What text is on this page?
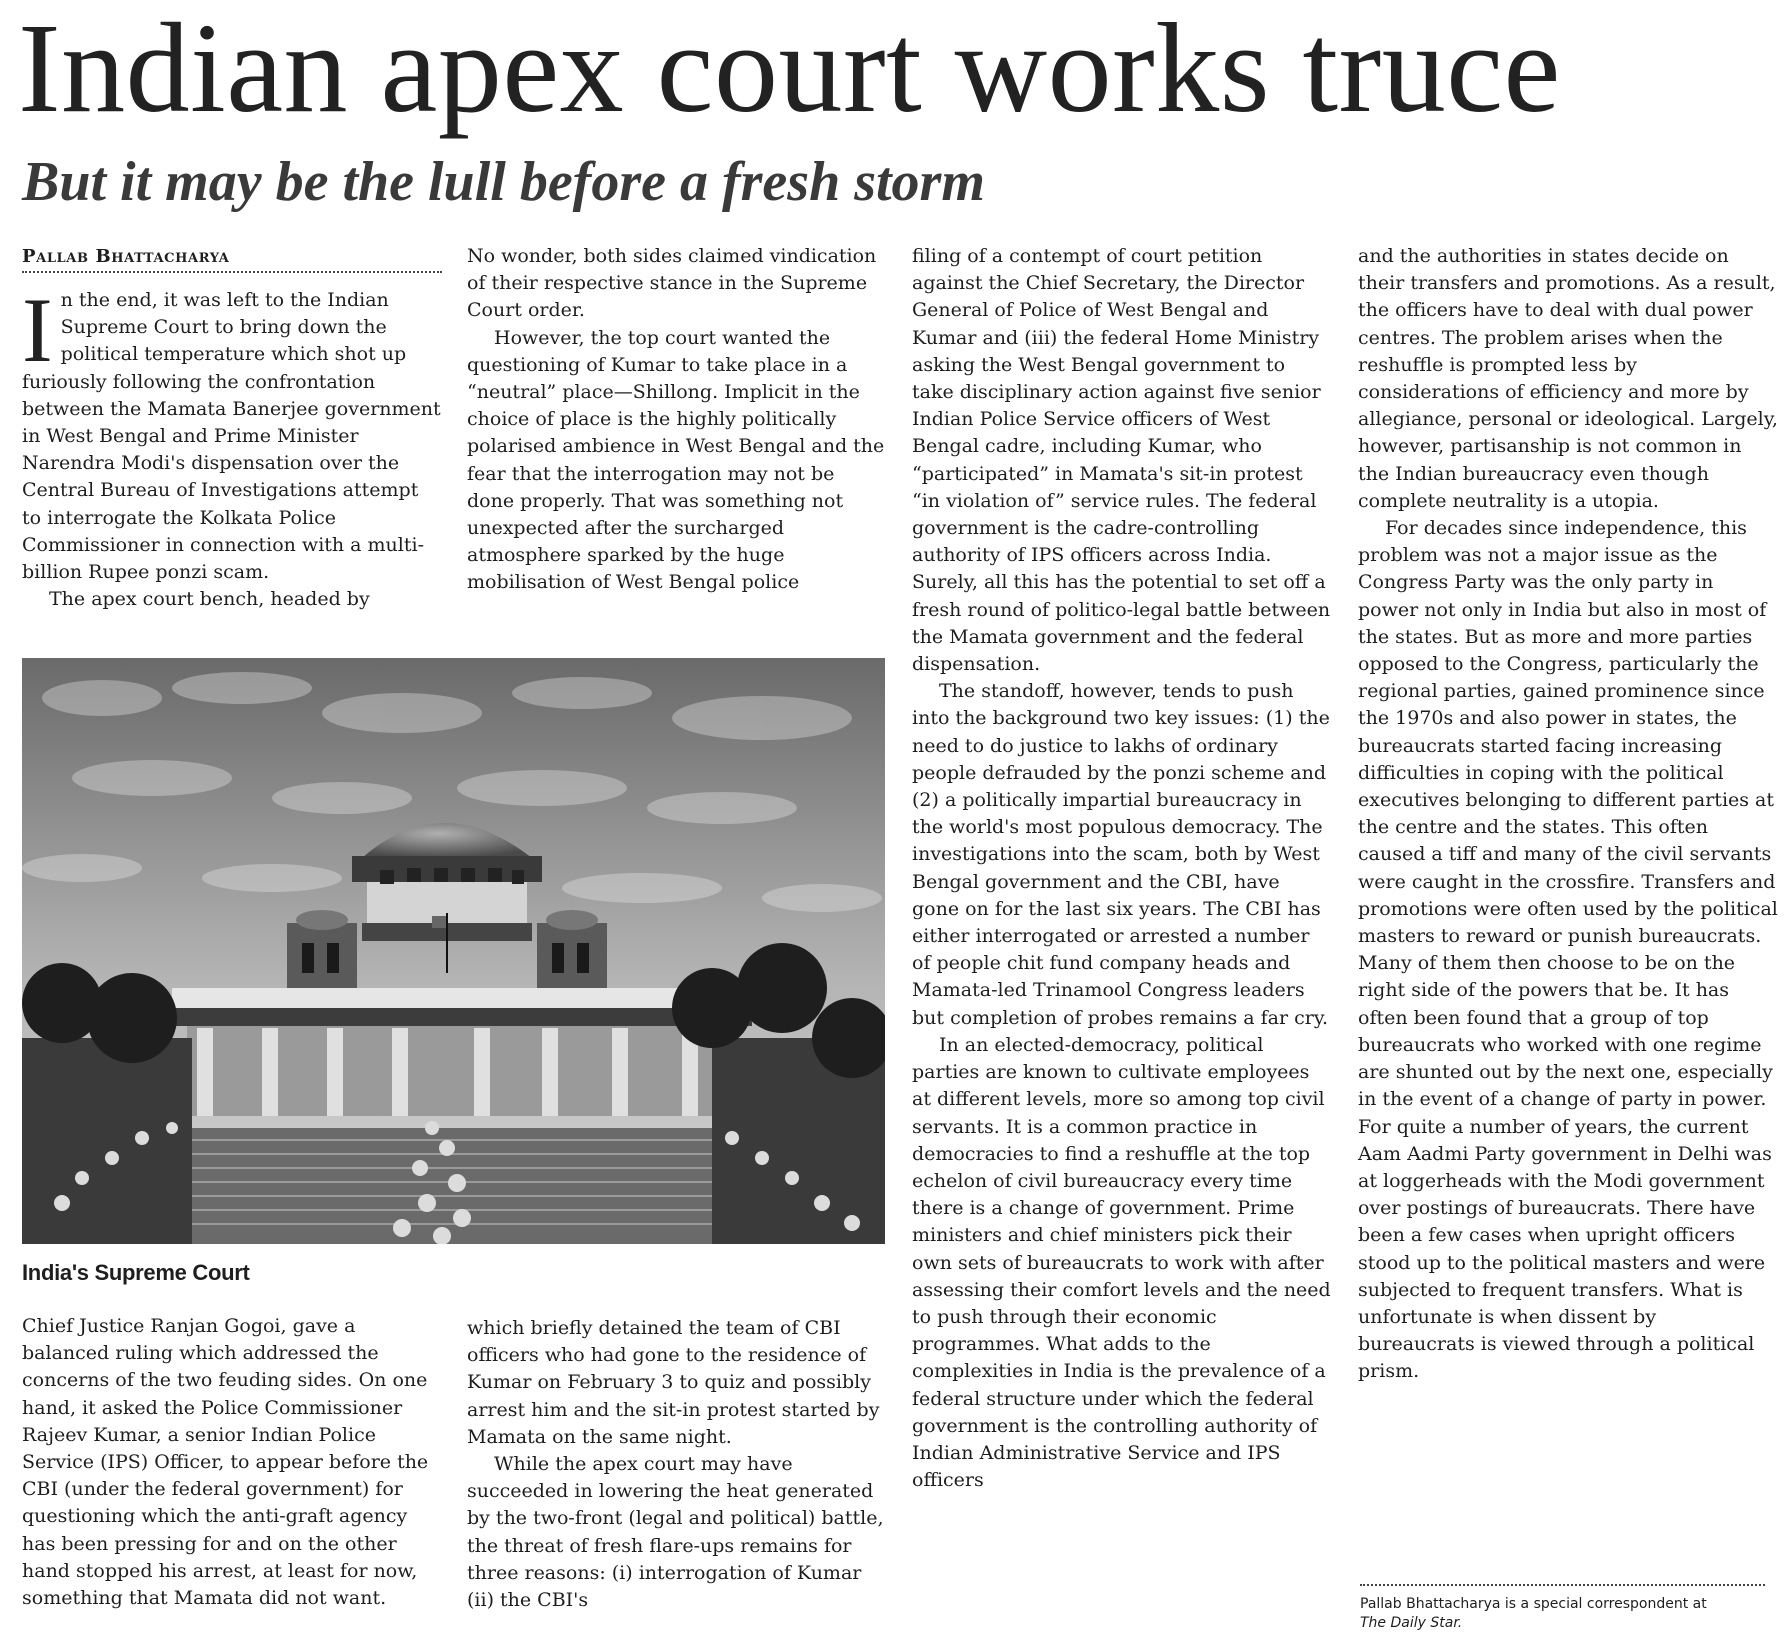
Indian apex court works truce
But it may be the lull before a fresh storm
Pallab Bhattacharya

In the end, it was left to the Indian Supreme Court to bring down the political temperature which shot up furiously following the confrontation between the Mamata Banerjee government in West Bengal and Prime Minister Narendra Modi's dispensation over the Central Bureau of Investigations attempt to interrogate the Kolkata Police Commissioner in connection with a multi-billion Rupee ponzi scam.

The apex court bench, headed by

No wonder, both sides claimed vindication of their respective stance in the Supreme Court order.

However, the top court wanted the questioning of Kumar to take place in a “neutral” place—Shillong. Implicit in the choice of place is the highly politically polarised ambience in West Bengal and the fear that the interrogation may not be done properly. That was something not unexpected after the surcharged atmosphere sparked by the huge mobilisation of West Bengal police

India's Supreme Court

Chief Justice Ranjan Gogoi, gave a balanced ruling which addressed the concerns of the two feuding sides. On one hand, it asked the Police Commissioner Rajeev Kumar, a senior Indian Police Service (IPS) Officer, to appear before the CBI (under the federal government) for questioning which the anti-graft agency has been pressing for and on the other hand stopped his arrest, at least for now, something that Mamata did not want.

which briefly detained the team of CBI officers who had gone to the residence of Kumar on February 3 to quiz and possibly arrest him and the sit-in protest started by Mamata on the same night.

While the apex court may have succeeded in lowering the heat generated by the two-front (legal and political) battle, the threat of fresh flare-ups remains for three reasons: (i) interrogation of Kumar (ii) the CBI's

filing of a contempt of court petition against the Chief Secretary, the Director General of Police of West Bengal and Kumar and (iii) the federal Home Ministry asking the West Bengal government to take disciplinary action against five senior Indian Police Service officers of West Bengal cadre, including Kumar, who “participated” in Mamata's sit-in protest “in violation of” service rules. The federal government is the cadre-controlling authority of IPS officers across India. Surely, all this has the potential to set off a fresh round of politico-legal battle between the Mamata government and the federal dispensation.

The standoff, however, tends to push into the background two key issues: (1) the need to do justice to lakhs of ordinary people defrauded by the ponzi scheme and (2) a politically impartial bureaucracy in the world's most populous democracy. The investigations into the scam, both by West Bengal government and the CBI, have gone on for the last six years. The CBI has either interrogated or arrested a number of people chit fund company heads and Mamata-led Trinamool Congress leaders but completion of probes remains a far cry.

In an elected-democracy, political parties are known to cultivate employees at different levels, more so among top civil servants. It is a common practice in democracies to find a reshuffle at the top echelon of civil bureaucracy every time there is a change of government. Prime ministers and chief ministers pick their own sets of bureaucrats to work with after assessing their comfort levels and the need to push through their economic programmes. What adds to the complexities in India is the prevalence of a federal structure under which the federal government is the controlling authority of Indian Administrative Service and IPS officers

and the authorities in states decide on their transfers and promotions. As a result, the officers have to deal with dual power centres. The problem arises when the reshuffle is prompted less by considerations of efficiency and more by allegiance, personal or ideological. Largely, however, partisanship is not common in the Indian bureaucracy even though complete neutrality is a utopia.

For decades since independence, this problem was not a major issue as the Congress Party was the only party in power not only in India but also in most of the states. But as more and more parties opposed to the Congress, particularly the regional parties, gained prominence since the 1970s and also power in states, the bureaucrats started facing increasing difficulties in coping with the political executives belonging to different parties at the centre and the states. This often caused a tiff and many of the civil servants were caught in the crossfire. Transfers and promotions were often used by the political masters to reward or punish bureaucrats. Many of them then choose to be on the right side of the powers that be. It has often been found that a group of top bureaucrats who worked with one regime are shunted out by the next one, especially in the event of a change of party in power. For quite a number of years, the current Aam Aadmi Party government in Delhi was at loggerheads with the Modi government over postings of bureaucrats. There have been a few cases when upright officers stood up to the political masters and were subjected to frequent transfers. What is unfortunate is when dissent by bureaucrats is viewed through a political prism.

Pallab Bhattacharya is a special correspondent at
The Daily Star.
